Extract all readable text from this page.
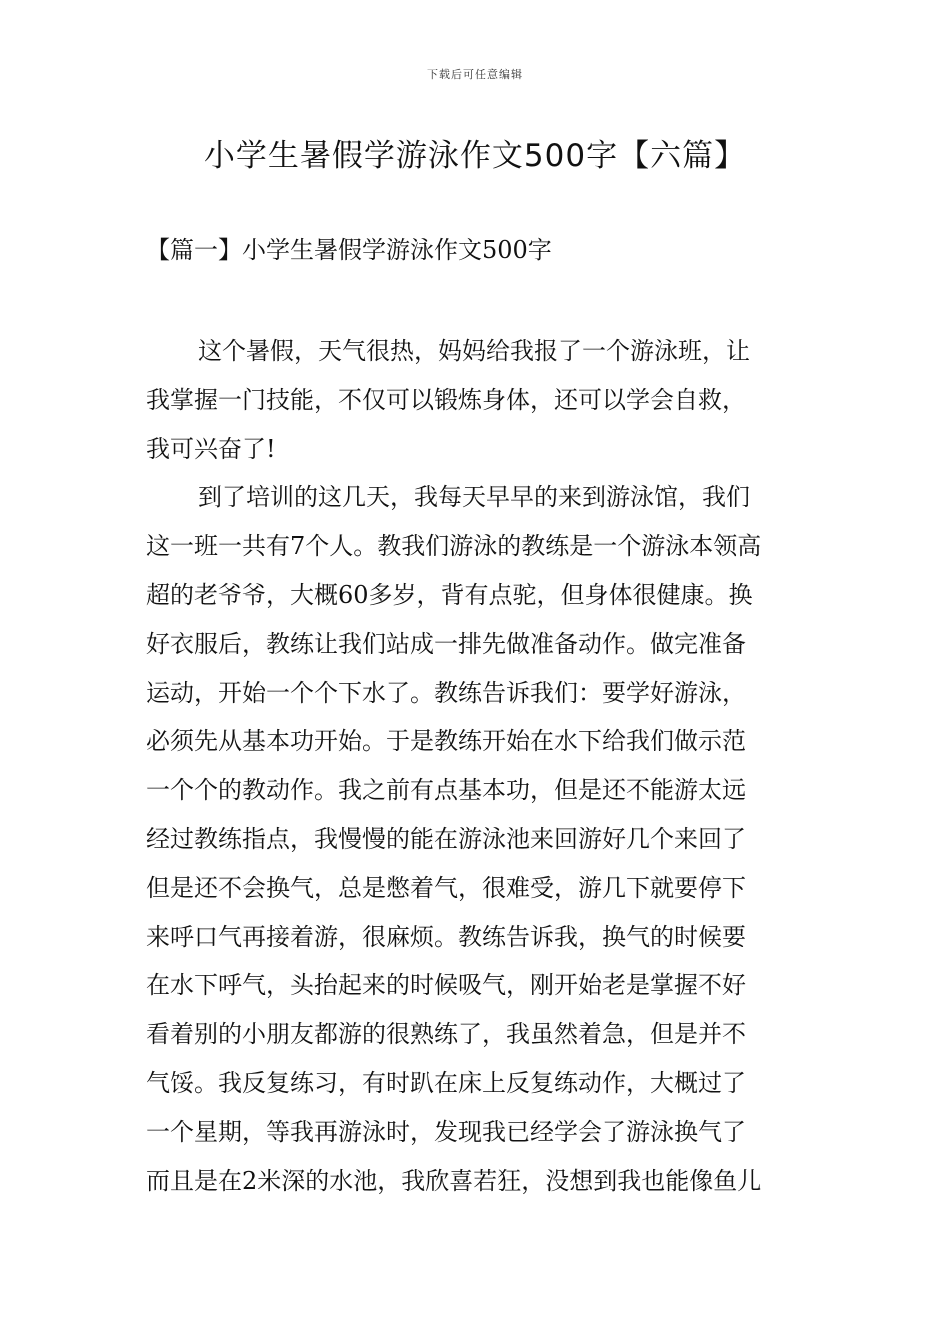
下载后可任意编辑
小学生暑假学游泳作文500字【六篇】
【篇一】小学生暑假学游泳作文500字
这个暑假，天气很热，妈妈给我报了一个游泳班，让
我掌握一门技能，不仅可以锻炼身体，还可以学会自救，
我可兴奋了!
到了培训的这几天，我每天早早的来到游泳馆，我们
这一班一共有7个人。教我们游泳的教练是一个游泳本领高
超的老爷爷，大概60多岁，背有点驼，但身体很健康。换
好衣服后，教练让我们站成一排先做准备动作。做完准备
运动，开始一个个下水了。教练告诉我们：要学好游泳，
必须先从基本功开始。于是教练开始在水下给我们做示范
一个个的教动作。我之前有点基本功，但是还不能游太远
经过教练指点，我慢慢的能在游泳池来回游好几个来回了
但是还不会换气，总是憋着气，很难受，游几下就要停下
来呼口气再接着游，很麻烦。教练告诉我，换气的时候要
在水下呼气，头抬起来的时候吸气，刚开始老是掌握不好
看着别的小朋友都游的很熟练了，我虽然着急，但是并不
气馁。我反复练习，有时趴在床上反复练动作，大概过了
一个星期，等我再游泳时，发现我已经学会了游泳换气了
而且是在2米深的水池，我欣喜若狂，没想到我也能像鱼儿
